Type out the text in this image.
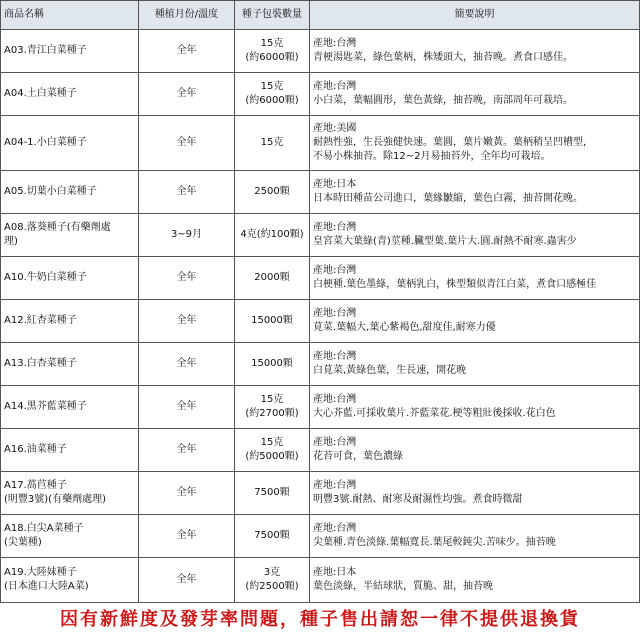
商品名稱	種植月份/溫度	種子包裝數量	簡要說明

A03.青江白菜種子	全年	15克
(約6000顆)	產地:台灣
青梗湯匙菜，綠色葉柄，株矮頭大，抽苔晚。煮食口感佳。

A04.土白菜種子	全年	15克
(約6000顆)	產地:台灣
小白菜，葉幅圓形，葉色黃綠，抽苔晚，南部周年可栽培。

A04-1.小白菜種子	全年	15克	產地:美國
耐熱性強，生長強健快速。葉圓，葉片嫩黃。葉柄稍呈凹槽型，
不易小株抽苔。除12~2月易抽苔外，全年均可栽培。

A05.切葉小白菜種子	全年	2500顆	產地:日本
日本時田種苗公司進口，葉緣皺縮，葉色白霧，抽苔開花晚。

A08.落葵種子(有藥劑處
理)	3~9月	4克(約100顆)	產地:台灣
皇宮菜大葉綠(青)莖種.臟型葉.葉片大.圓.耐熱不耐寒.蟲害少

A10.牛奶白菜種子	全年	2000顆	產地:台灣
白梗種.葉色墨綠，葉柄乳白，株型類似青江白菜，煮食口感極佳

A12.紅杏菜種子	全年	15000顆	產地:台灣
莧菜.葉幅大,葉心紫褐色,甜度佳,耐寒力優

A13.白杏菜種子	全年	15000顆	產地:台灣
白莧菜,黃綠色葉，生長速，開花晚

A14.黑芥藍菜種子	全年	15克
(約2700顆)	產地:台灣
大心芥藍.可採收葉片.芥藍菜花.梗等粗壯後採收.花白色

A16.油菜種子	全年	15克
(約5000顆)	產地:台灣
花苔可食，葉色濃綠

A17.萵苣種子
(明豐3號)(有藥劑處理)	全年	7500顆	產地:台灣
明豐3號.耐熱、耐寒及耐濕性均強。煮食時微甜

A18.白尖A菜種子
(尖葉種)	全年	7500顆	產地:台灣
尖葉種.青色淡綠.葉幅寬長.葉尾較鈍尖.苦味少。抽苔晚

A19.大陸妹種子
(日本進口大陸A菜)	全年	3克
(約2500顆)	產地:日本
葉色淡綠，半結球狀，質脆、甜，抽苔晚
因有新鮮度及發芽率問題，種子售出請恕一律不提供退換貨
